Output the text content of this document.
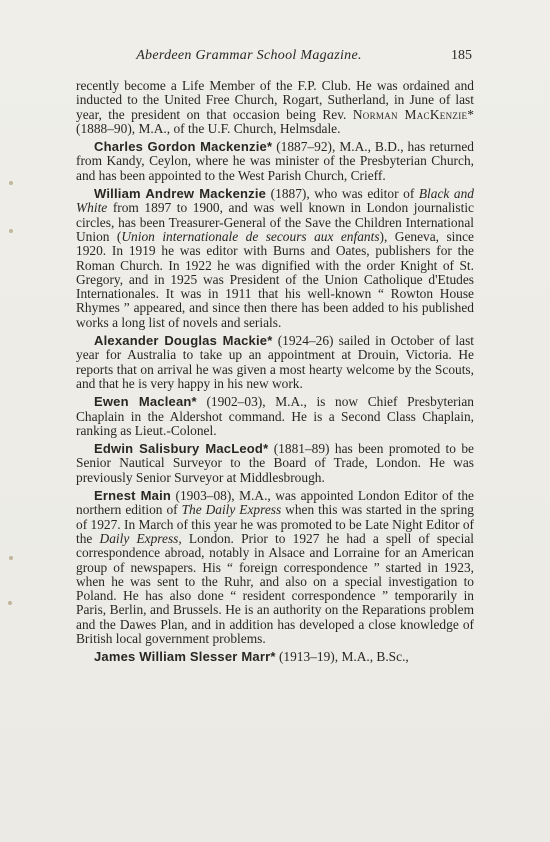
Aberdeen Grammar School Magazine.	185

recently become a Life Member of the F.P. Club. He was ordained and inducted to the United Free Church, Rogart, Sutherland, in June of last year, the president on that occasion being Rev. Norman MacKenzie* (1888–90), M.A., of the U.F. Church, Helmsdale.

Charles Gordon Mackenzie* (1887–92), M.A., B.D., has returned from Kandy, Ceylon, where he was minister of the Presbyterian Church, and has been appointed to the West Parish Church, Crieff.

William Andrew Mackenzie (1887), who was editor of Black and White from 1897 to 1900, and was well known in London journalistic circles, has been Treasurer-General of the Save the Children International Union (Union internationale de secours aux enfants), Geneva, since 1920. In 1919 he was editor with Burns and Oates, publishers for the Roman Church. In 1922 he was dignified with the order Knight of St. Gregory, and in 1925 was President of the Union Catholique d'Etudes Internationales. It was in 1911 that his well-known “ Rowton House Rhymes ” appeared, and since then there has been added to his published works a long list of novels and serials.

Alexander Douglas Mackie* (1924–26) sailed in October of last year for Australia to take up an appointment at Drouin, Victoria. He reports that on arrival he was given a most hearty welcome by the Scouts, and that he is very happy in his new work.

Ewen Maclean* (1902–03), M.A., is now Chief Presbyterian Chaplain in the Aldershot command. He is a Second Class Chaplain, ranking as Lieut.-Colonel.

Edwin Salisbury MacLeod* (1881–89) has been promoted to be Senior Nautical Surveyor to the Board of Trade, London. He was previously Senior Surveyor at Middlesbrough.

Ernest Main (1903–08), M.A., was appointed London Editor of the northern edition of The Daily Express when this was started in the spring of 1927. In March of this year he was promoted to be Late Night Editor of the Daily Express, London. Prior to 1927 he had a spell of special correspondence abroad, notably in Alsace and Lorraine for an American group of newspapers. His “ foreign correspondence ” started in 1923, when he was sent to the Ruhr, and also on a special investigation to Poland. He has also done “ resident correspondence ” temporarily in Paris, Berlin, and Brussels. He is an authority on the Reparations problem and the Dawes Plan, and in addition has developed a close knowledge of British local government problems.

James William Slesser Marr* (1913–19), M.A., B.Sc.,
